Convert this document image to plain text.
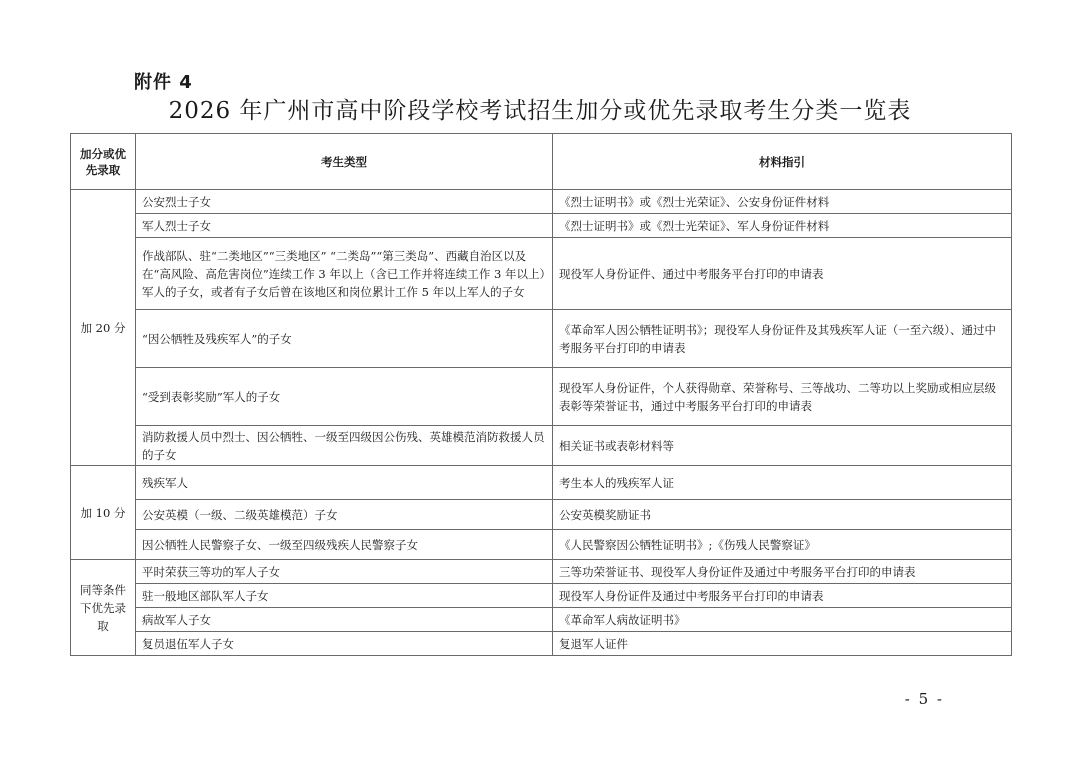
附件 4
2026 年广州市高中阶段学校考试招生加分或优先录取考生分类一览表
加分或优先录取	考生类型	材料指引
加 20 分	公安烈士子女	《烈士证明书》或《烈士光荣证》、公安身份证件材料
	军人烈士子女	《烈士证明书》或《烈士光荣证》、军人身份证件材料
	作战部队、驻“二类地区”“三类地区” “二类岛”“第三类岛”、西藏自治区以及在“高风险、高危害岗位”连续工作 3 年以上（含已工作并将连续工作 3 年以上）军人的子女，或者有子女后曾在该地区和岗位累计工作 5 年以上军人的子女	现役军人身份证件、通过中考服务平台打印的申请表
	“因公牺牲及残疾军人”的子女	《革命军人因公牺牲证明书》；现役军人身份证件及其残疾军人证（一至六级）、通过中考服务平台打印的申请表
	“受到表彰奖励”军人的子女	现役军人身份证件，个人获得勋章、荣誉称号、三等战功、二等功以上奖励或相应层级表彰等荣誉证书，通过中考服务平台打印的申请表
	消防救援人员中烈士、因公牺牲、一级至四级因公伤残、英雄模范消防救援人员的子女	相关证书或表彰材料等
加 10 分	残疾军人	考生本人的残疾军人证
	公安英模（一级、二级英雄模范）子女	公安英模奖励证书
	因公牺牲人民警察子女、一级至四级残疾人民警察子女	《人民警察因公牺牲证明书》;《伤残人民警察证》
同等条件下优先录取	平时荣获三等功的军人子女	三等功荣誉证书、现役军人身份证件及通过中考服务平台打印的申请表
	驻一般地区部队军人子女	现役军人身份证件及通过中考服务平台打印的申请表
	病故军人子女	《革命军人病故证明书》
	复员退伍军人子女	复退军人证件
- 5 -
